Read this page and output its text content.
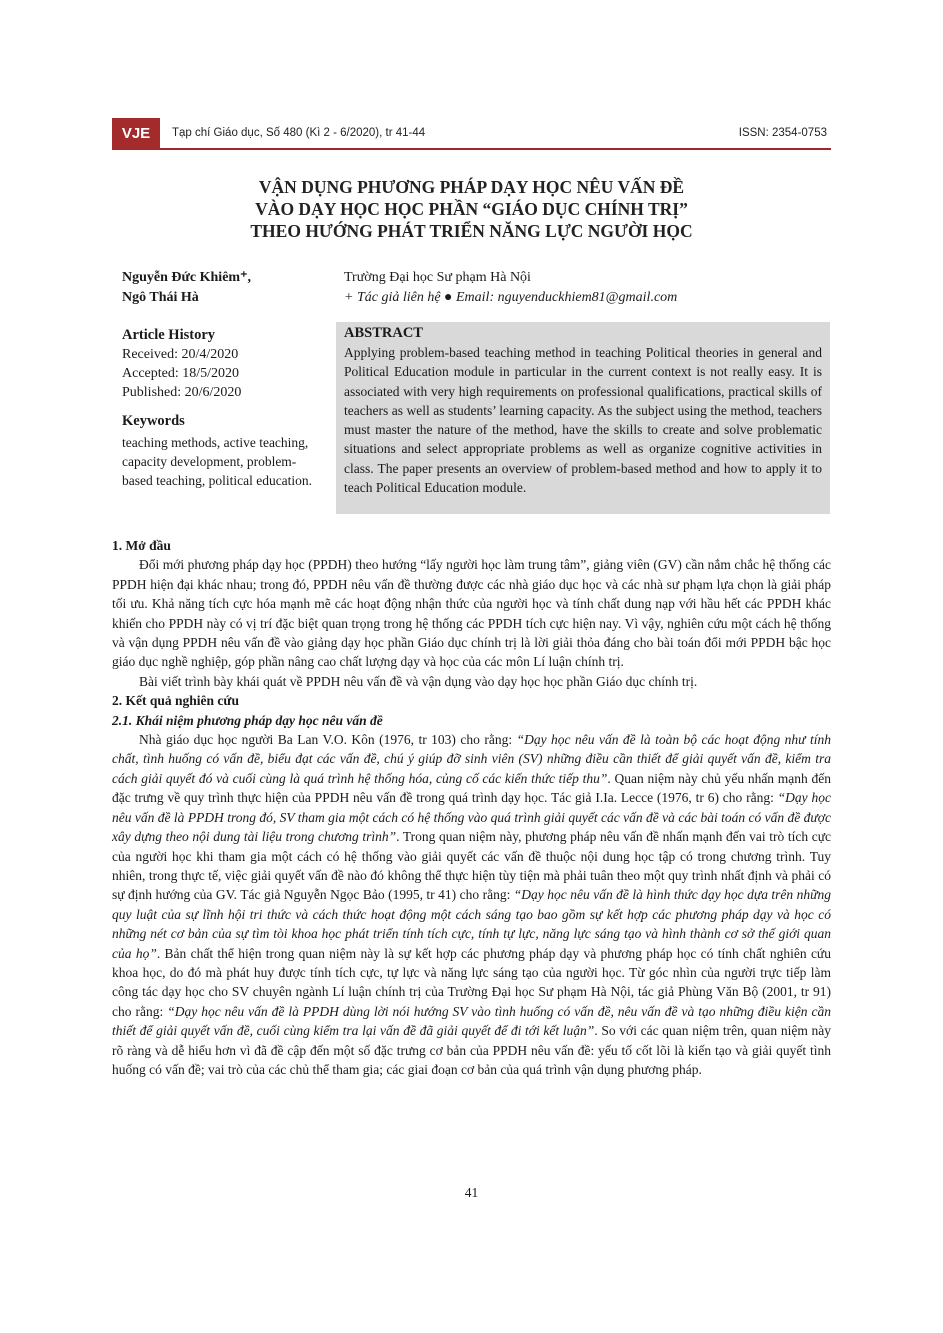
VJE	Tạp chí Giáo dục, Số 480 (Kì 2 - 6/2020), tr 41-44	ISSN: 2354-0753
VẬN DỤNG PHƯƠNG PHÁP DẠY HỌC NÊU VẤN ĐỀ
VÀO DẠY HỌC HỌC PHẦN “GIÁO DỤC CHÍNH TRỊ”
THEO HƯỚNG PHÁT TRIỂN NĂNG LỰC NGƯỜI HỌC
Nguyễn Đức Khiêm⁺,
Ngô Thái Hà
Trường Đại học Sư phạm Hà Nội
+ Tác giả liên hệ ● Email: nguyenduckhiem81@gmail.com
Article History
Received: 20/4/2020
Accepted: 18/5/2020
Published: 20/6/2020
Keywords
teaching methods, active teaching, capacity development, problem-based teaching, political education.
ABSTRACT
Applying problem-based teaching method in teaching Political theories in general and Political Education module in particular in the current context is not really easy. It is associated with very high requirements on professional qualifications, practical skills of teachers as well as students’ learning capacity. As the subject using the method, teachers must master the nature of the method, have the skills to create and solve problematic situations and select appropriate problems as well as organize cognitive activities in class. The paper presents an overview of problem-based method and how to apply it to teach Political Education module.
1. Mở đầu

Đổi mới phương pháp dạy học (PPDH) theo hướng “lấy người học làm trung tâm”, giảng viên (GV) cần nắm chắc hệ thống các PPDH hiện đại khác nhau; trong đó, PPDH nêu vấn đề thường được các nhà giáo dục học và các nhà sư phạm lựa chọn là giải pháp tối ưu. Khả năng tích cực hóa mạnh mẽ các hoạt động nhận thức của người học và tính chất dung nạp với hầu hết các PPDH khác khiến cho PPDH này có vị trí đặc biệt quan trọng trong hệ thống các PPDH tích cực hiện nay. Vì vậy, nghiên cứu một cách hệ thống và vận dụng PPDH nêu vấn đề vào giảng dạy học phần Giáo dục chính trị là lời giải thỏa đáng cho bài toán đổi mới PPDH bậc học giáo dục nghề nghiệp, góp phần nâng cao chất lượng dạy và học của các môn Lí luận chính trị.

Bài viết trình bày khái quát về PPDH nêu vấn đề và vận dụng vào dạy học học phần Giáo dục chính trị.

2. Kết quả nghiên cứu
2.1. Khái niệm phương pháp dạy học nêu vấn đề

Nhà giáo dục học người Ba Lan V.O. Kôn (1976, tr 103) cho rằng: “Dạy học nêu vấn đề là toàn bộ các hoạt động như tính chất, tình huống có vấn đề, biểu đạt các vấn đề, chú ý giúp đỡ sinh viên (SV) những điều cần thiết để giải quyết vấn đề, kiểm tra cách giải quyết đó và cuối cùng là quá trình hệ thống hóa, củng cố các kiến thức tiếp thu”. Quan niệm này chủ yếu nhấn mạnh đến đặc trưng về quy trình thực hiện của PPDH nêu vấn đề trong quá trình dạy học. Tác giả I.Ia. Lecce (1976, tr 6) cho rằng: “Dạy học nêu vấn đề là PPDH trong đó, SV tham gia một cách có hệ thống vào quá trình giải quyết các vấn đề và các bài toán có vấn đề được xây dựng theo nội dung tài liệu trong chương trình”. Trong quan niệm này, phương pháp nêu vấn đề nhấn mạnh đến vai trò tích cực của người học khi tham gia một cách có hệ thống vào giải quyết các vấn đề thuộc nội dung học tập có trong chương trình. Tuy nhiên, trong thực tế, việc giải quyết vấn đề nào đó không thể thực hiện tùy tiện mà phải tuân theo một quy trình nhất định và phải có sự định hướng của GV. Tác giả Nguyễn Ngọc Bảo (1995, tr 41) cho rằng: “Dạy học nêu vấn đề là hình thức dạy học dựa trên những quy luật của sự lĩnh hội tri thức và cách thức hoạt động một cách sáng tạo bao gồm sự kết hợp các phương pháp dạy và học có những nét cơ bản của sự tìm tòi khoa học phát triển tính tích cực, tính tự lực, năng lực sáng tạo và hình thành cơ sở thế giới quan của họ”. Bản chất thể hiện trong quan niệm này là sự kết hợp các phương pháp dạy và phương pháp học có tính chất nghiên cứu khoa học, do đó mà phát huy được tính tích cực, tự lực và năng lực sáng tạo của người học. Từ góc nhìn của người trực tiếp làm công tác dạy học cho SV chuyên ngành Lí luận chính trị của Trường Đại học Sư phạm Hà Nội, tác giả Phùng Văn Bộ (2001, tr 91) cho rằng: “Dạy học nêu vấn đề là PPDH dùng lời nói hướng SV vào tình huống có vấn đề, nêu vấn đề và tạo những điều kiện cần thiết để giải quyết vấn đề, cuối cùng kiểm tra lại vấn đề đã giải quyết để đi tới kết luận”. So với các quan niệm trên, quan niệm này rõ ràng và dễ hiểu hơn vì đã đề cập đến một số đặc trưng cơ bản của PPDH nêu vấn đề: yếu tố cốt lõi là kiến tạo và giải quyết tình huống có vấn đề; vai trò của các chủ thể tham gia; các giai đoạn cơ bản của quá trình vận dụng phương pháp.

41
